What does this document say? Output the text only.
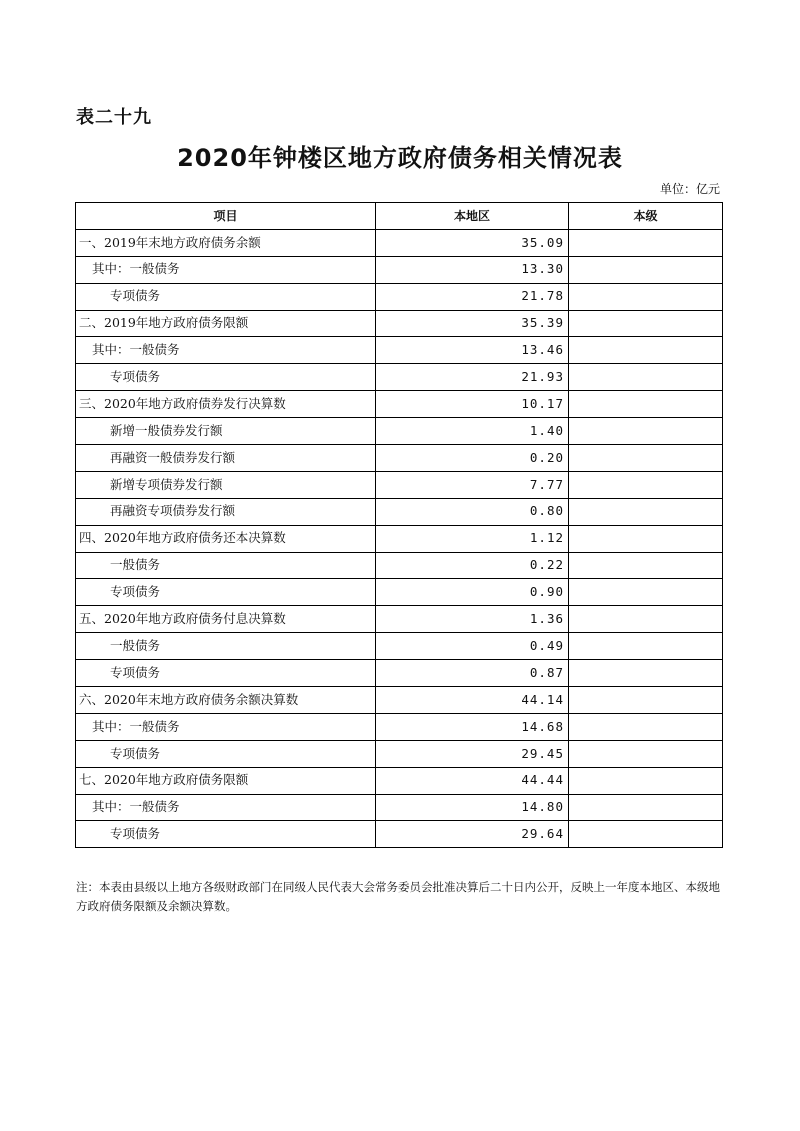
表二十九
2020年钟楼区地方政府债务相关情况表
单位：亿元
项目	本地区	本级
一、2019年末地方政府债务余额	35.09	
其中：一般债务	13.30	
专项债务	21.78	
二、2019年地方政府债务限额	35.39	
其中：一般债务	13.46	
专项债务	21.93	
三、2020年地方政府债券发行决算数	10.17	
新增一般债券发行额	1.40	
再融资一般债券发行额	0.20	
新增专项债券发行额	7.77	
再融资专项债券发行额	0.80	
四、2020年地方政府债务还本决算数	1.12	
一般债务	0.22	
专项债务	0.90	
五、2020年地方政府债务付息决算数	1.36	
一般债务	0.49	
专项债务	0.87	
六、2020年末地方政府债务余额决算数	44.14	
其中：一般债务	14.68	
专项债务	29.45	
七、2020年地方政府债务限额	44.44	
其中：一般债务	14.80	
专项债务	29.64	
注：本表由县级以上地方各级财政部门在同级人民代表大会常务委员会批准决算后二十日内公开，反映上一年度本地区、本级地方政府债务限额及余额决算数。
